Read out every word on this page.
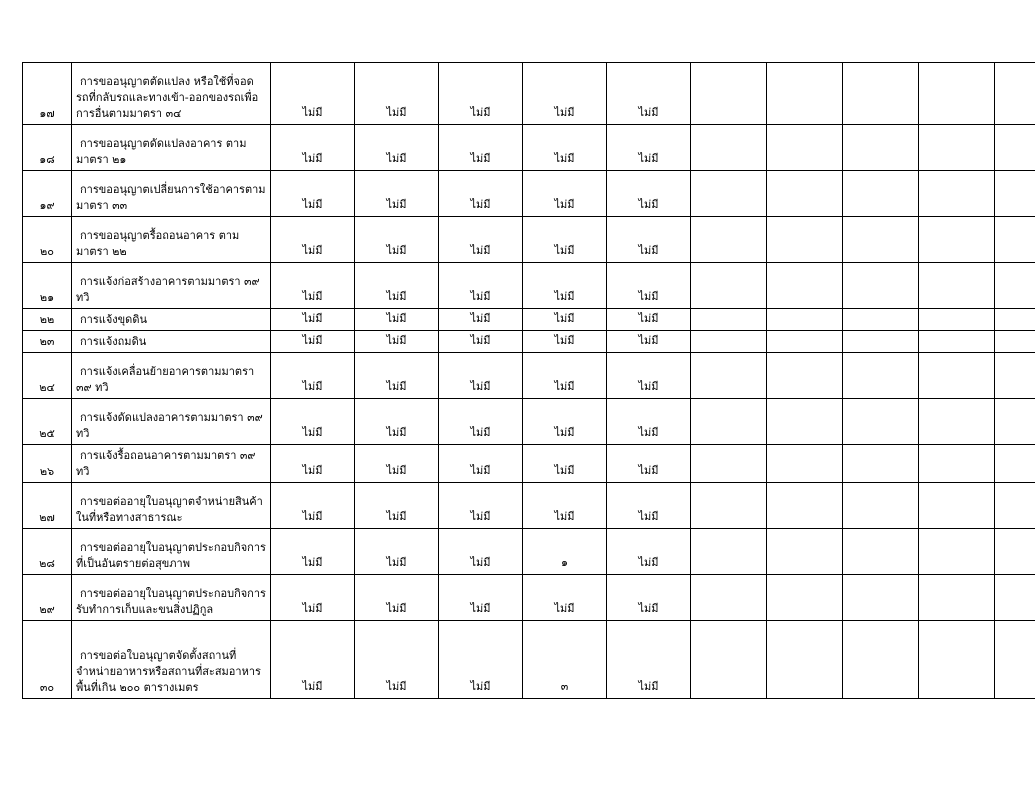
๑๗	การขออนุญาตตัดแปลง หรือใช้ที่จอดรถที่กลับรถและทางเข้า-ออกของรถเพื่อการอื่นตามมาตรา ๓๔	ไม่มี	ไม่มี	ไม่มี	ไม่มี	ไม่มี						

๑๘	การขออนุญาตดัดแปลงอาคาร ตามมาตรา ๒๑	ไม่มี	ไม่มี	ไม่มี	ไม่มี	ไม่มี						

๑๙	การขออนุญาตเปลี่ยนการใช้อาคารตามมาตรา ๓๓	ไม่มี	ไม่มี	ไม่มี	ไม่มี	ไม่มี						

๒๐	การขออนุญาตรื้อถอนอาคาร ตามมาตรา ๒๒	ไม่มี	ไม่มี	ไม่มี	ไม่มี	ไม่มี						

๒๑	การแจ้งก่อสร้างอาคารตามมาตรา ๓๙ ทวิ	ไม่มี	ไม่มี	ไม่มี	ไม่มี	ไม่มี						

๒๒	การแจ้งขุดดิน	ไม่มี	ไม่มี	ไม่มี	ไม่มี	ไม่มี						

๒๓	การแจ้งถมดิน	ไม่มี	ไม่มี	ไม่มี	ไม่มี	ไม่มี						

๒๔	การแจ้งเคลื่อนย้ายอาคารตามมาตรา ๓๙ ทวิ	ไม่มี	ไม่มี	ไม่มี	ไม่มี	ไม่มี						

๒๕	การแจ้งดัดแปลงอาคารตามมาตรา ๓๙ ทวิ	ไม่มี	ไม่มี	ไม่มี	ไม่มี	ไม่มี						

๒๖	การแจ้งรื้อถอนอาคารตามมาตรา ๓๙ ทวิ	ไม่มี	ไม่มี	ไม่มี	ไม่มี	ไม่มี						

๒๗	การขอต่ออายุใบอนุญาตจำหน่ายสินค้าในที่หรือทางสาธารณะ	ไม่มี	ไม่มี	ไม่มี	ไม่มี	ไม่มี						

๒๘	การขอต่ออายุใบอนุญาตประกอบกิจการที่เป็นอันตรายต่อสุขภาพ	ไม่มี	ไม่มี	ไม่มี	๑	ไม่มี						

๒๙	การขอต่ออายุใบอนุญาตประกอบกิจการรับทำการเก็บและขนสิ่งปฏิกูล	ไม่มี	ไม่มี	ไม่มี	ไม่มี	ไม่มี						

๓๐	การขอต่อใบอนุญาตจัดตั้งสถานที่จำหน่ายอาหารหรือสถานที่สะสมอาหารพื้นที่เกิน ๒๐๐ ตารางเมตร	ไม่มี	ไม่มี	ไม่มี	๓	ไม่มี						
